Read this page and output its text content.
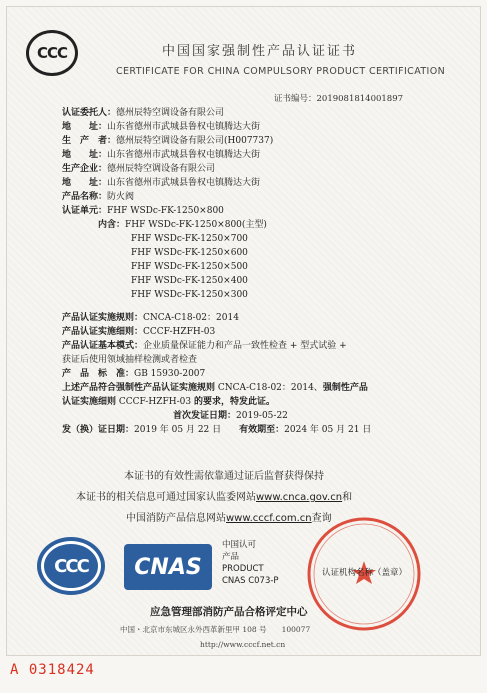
CCC	中国国家强制性产品认证证书
CERTIFICATE FOR CHINA COMPULSORY PRODUCT CERTIFICATION
证书编号：2019081814001897
认证委托人：德州辰特空调设备有限公司
地　　址：山东省德州市武城县鲁权屯镇腾达大街
生　产　者：德州辰特空调设备有限公司(H007737)
地　　址：山东省德州市武城县鲁权屯镇腾达大街
生产企业：德州辰特空调设备有限公司
地　　址：山东省德州市武城县鲁权屯镇腾达大街
产品名称：防火阀
认证单元：FHF WSDc-FK-1250×800
内含：FHF WSDc-FK-1250×800(主型)
FHF WSDc-FK-1250×700
FHF WSDc-FK-1250×600
FHF WSDc-FK-1250×500
FHF WSDc-FK-1250×400
FHF WSDc-FK-1250×300
产品认证实施规则：CNCA-C18-02：2014
产品认证实施细则：CCCF-HZFH-03
产品认证基本模式：企业质量保证能力和产品一致性检查 + 型式试验 +
获证后使用领域抽样检测或者检查
产　品　标　准：GB 15930-2007
上述产品符合强制性产品认证实施规则 CNCA-C18-02：2014、强制性产品
认证实施细则 CCCF-HZFH-03 的要求，特发此证。
首次发证日期：2019-05-22
发（换）证日期：2019 年 05 月 22 日　　 有效期至：2024 年 05 月 21 日
本证书的有效性需依靠通过证后监督获得保持
本证书的相关信息可通过国家认监委网站www.cnca.gov.cn和
中国消防产品信息网站www.cccf.com.cn查询
CCC	CNAS
中国认可
产品
PRODUCT
CNAS C073-P
认证机构名称（盖章）
应急管理部消防产品合格评定中心
中国・北京市东城区永外西革新里甲 108 号　　100077
http://www.cccf.net.cn
A 0318424
